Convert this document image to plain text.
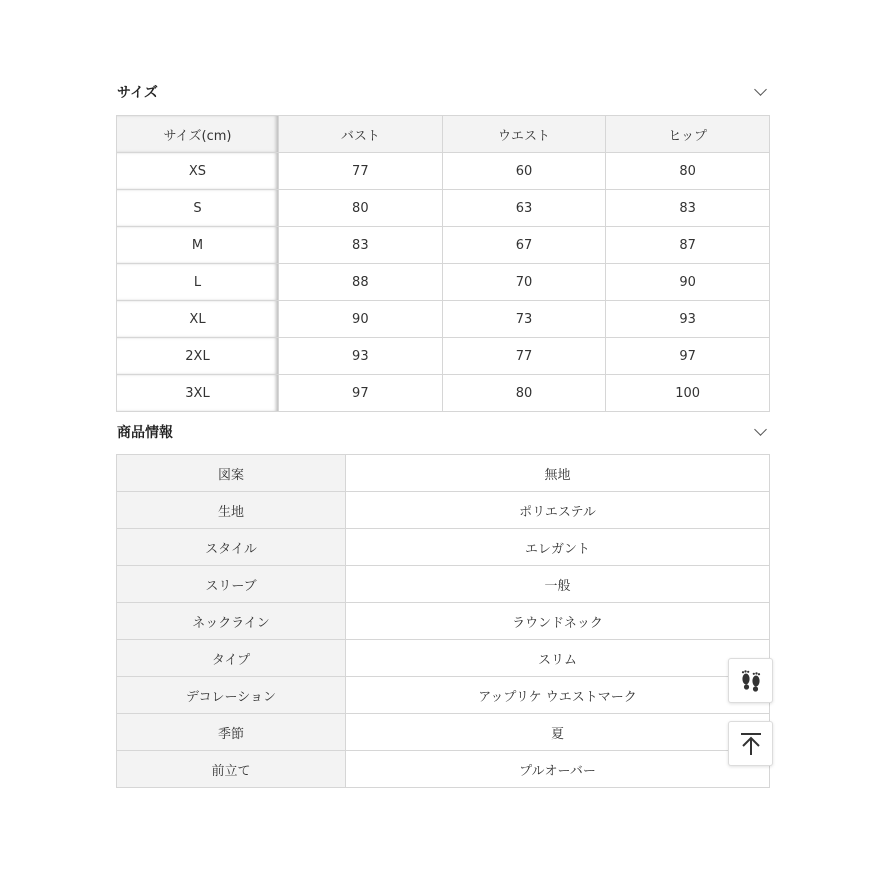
サイズ
サイズ(cm)	バスト	ウエスト	ヒップ
XS	77	60	80
S	80	63	83
M	83	67	87
L	88	70	90
XL	90	73	93
2XL	93	77	97
3XL	97	80	100
商品情報
図案	無地
生地	ポリエステル
スタイル	エレガント
スリーブ	一般
ネックライン	ラウンドネック
タイプ	スリム
デコレーション	アップリケ ウエストマーク
季節	夏
前立て	プルオーバー
